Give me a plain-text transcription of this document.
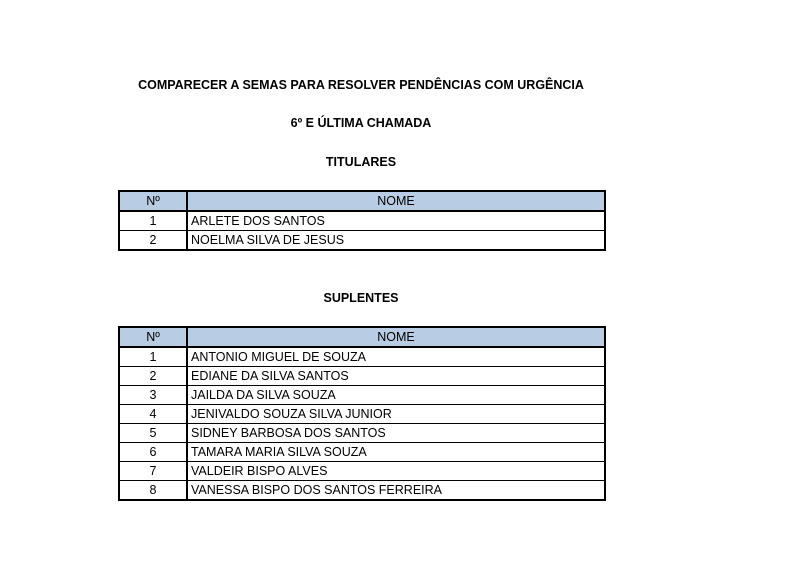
COMPARECER A SEMAS PARA RESOLVER PENDÊNCIAS COM URGÊNCIA
6º E ÚLTIMA CHAMADA
TITULARES
Nº	NOME
1	ARLETE DOS SANTOS
2	NOELMA SILVA DE JESUS
SUPLENTES
Nº	NOME
1	ANTONIO MIGUEL DE SOUZA
2	EDIANE DA SILVA SANTOS
3	JAILDA DA SILVA SOUZA
4	JENIVALDO SOUZA SILVA JUNIOR
5	SIDNEY BARBOSA DOS SANTOS
6	TAMARA MARIA SILVA SOUZA
7	VALDEIR BISPO ALVES
8	VANESSA BISPO DOS SANTOS FERREIRA
